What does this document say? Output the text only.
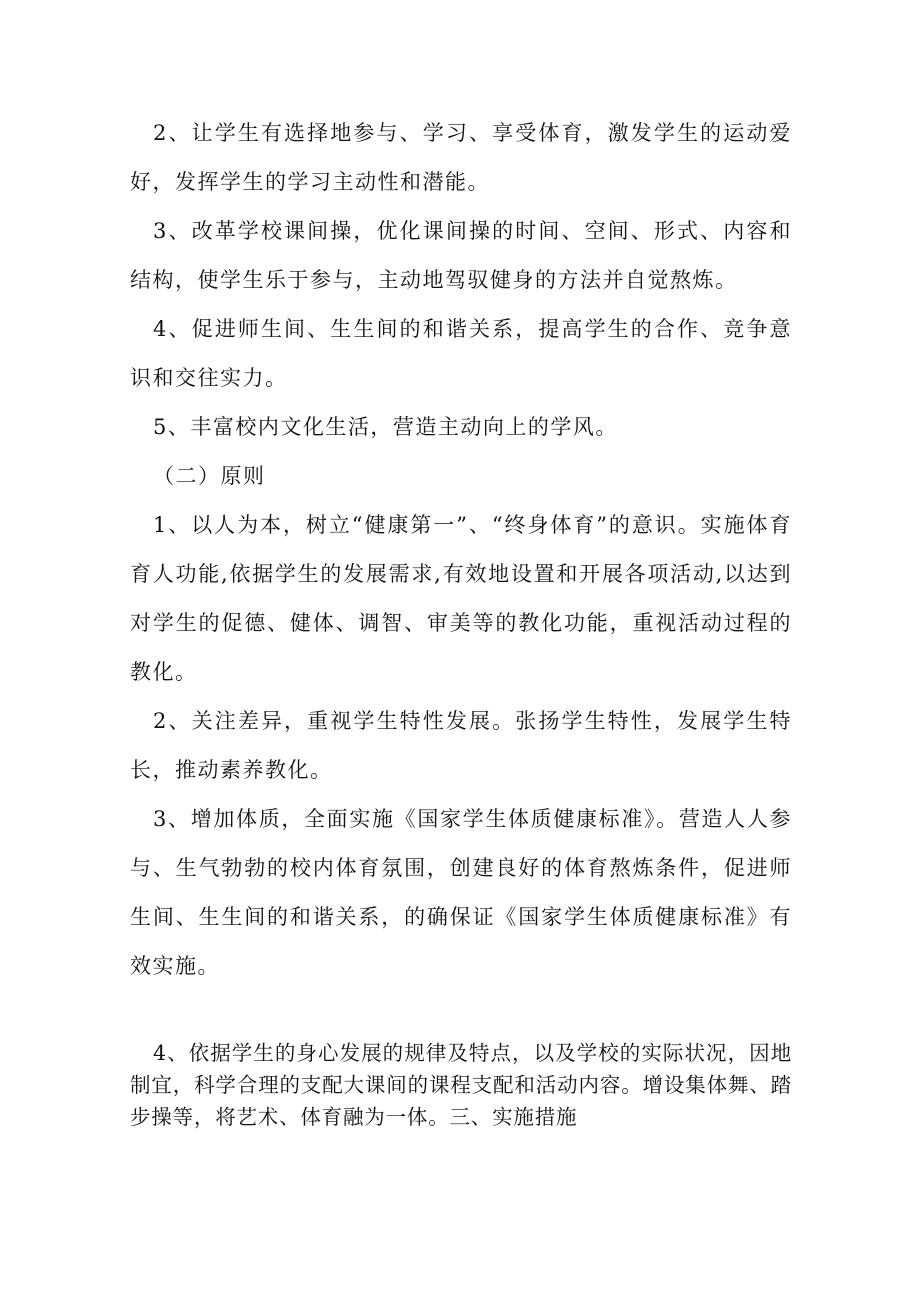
2、让学生有选择地参与、学习、享受体育，激发学生的运动爱好，发挥学生的学习主动性和潜能。

3、改革学校课间操，优化课间操的时间、空间、形式、内容和结构，使学生乐于参与，主动地驾驭健身的方法并自觉熬炼。

4、促进师生间、生生间的和谐关系，提高学生的合作、竞争意识和交往实力。

5、丰富校内文化生活，营造主动向上的学风。

（二）原则

1、以人为本，树立“健康第一”、“终身体育”的意识。实施体育育人功能,依据学生的发展需求,有效地设置和开展各项活动,以达到对学生的促德、健体、调智、审美等的教化功能，重视活动过程的教化。

2、关注差异，重视学生特性发展。张扬学生特性，发展学生特长，推动素养教化。

3、增加体质，全面实施《国家学生体质健康标准》。营造人人参与、生气勃勃的校内体育氛围，创建良好的体育熬炼条件，促进师生间、生生间的和谐关系，的确保证《国家学生体质健康标准》有效实施。

4、依据学生的身心发展的规律及特点，以及学校的实际状况，因地制宜，科学合理的支配大课间的课程支配和活动内容。增设集体舞、踏步操等，将艺术、体育融为一体。三、实施措施
